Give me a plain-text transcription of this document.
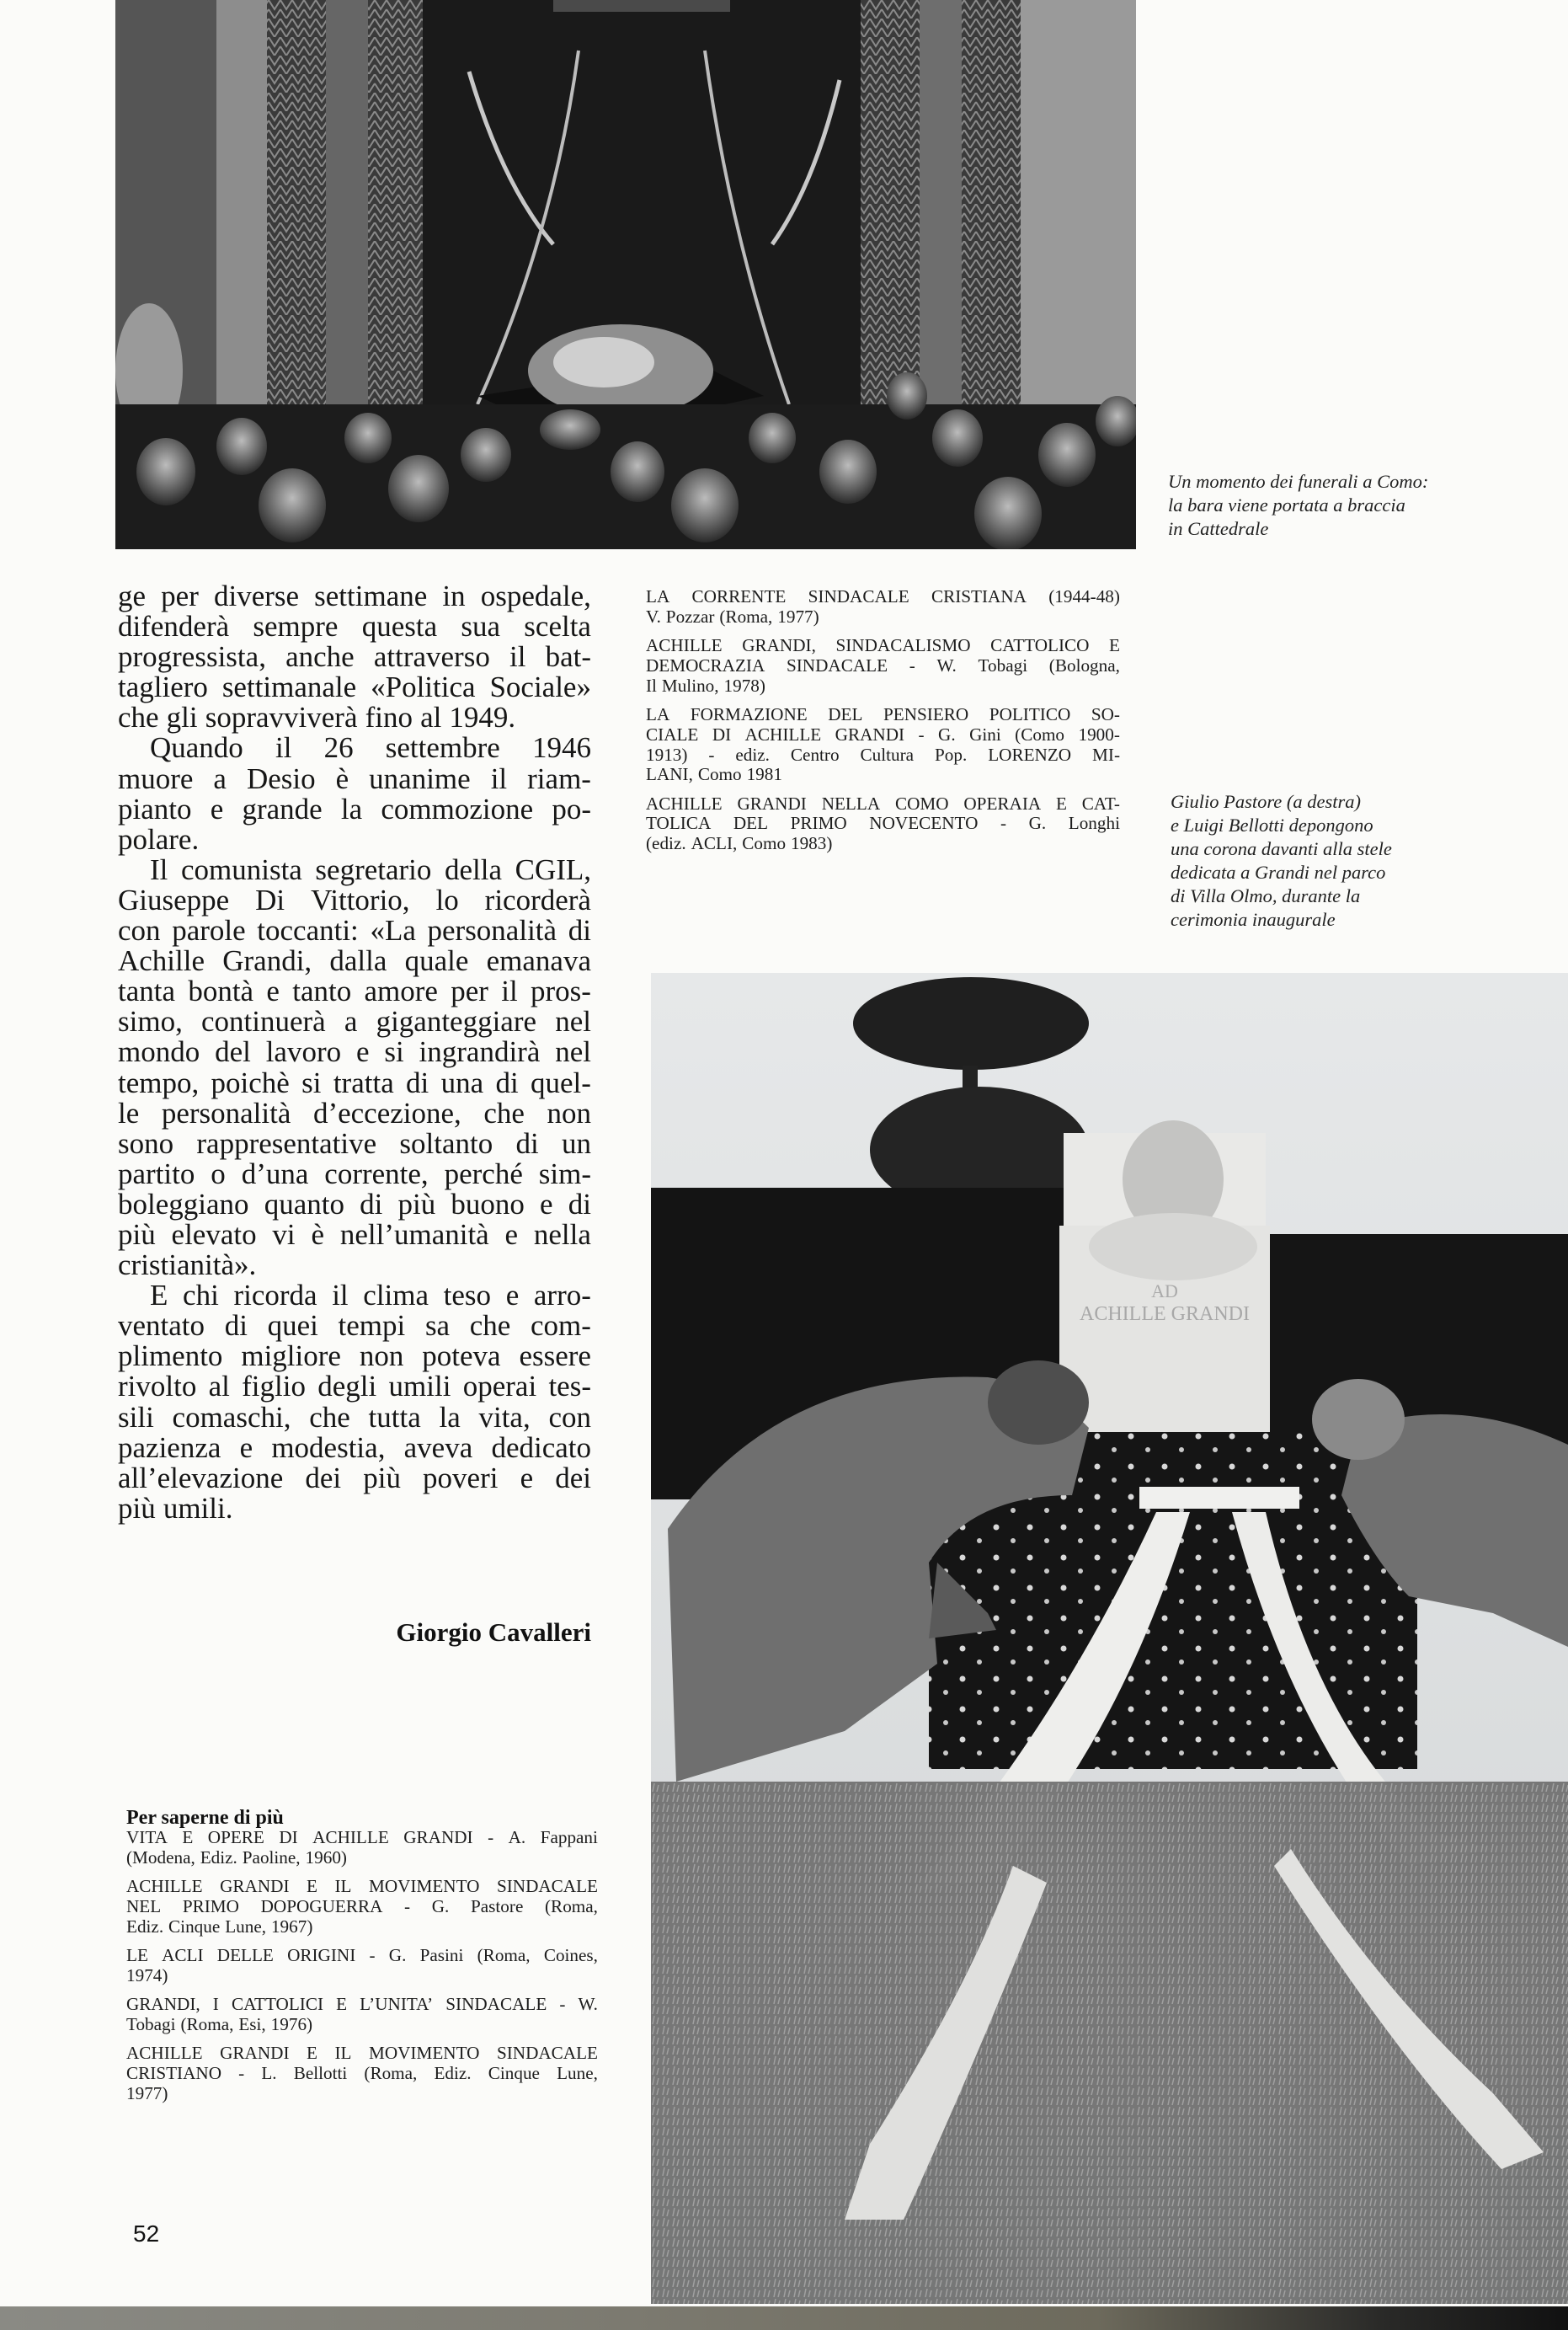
Un momento dei funerali a Como:
la bara viene portata a braccia
in Cattedrale
ge per diverse settimane in ospedale,
difenderà sempre questa sua scelta
progressista, anche attraverso il bat-
tagliero settimanale «Politica Sociale»
che gli sopravviverà fino al 1949.
Quando il 26 settembre 1946
muore a Desio è unanime il riam-
pianto e grande la commozione po-
polare.
Il comunista segretario della CGIL,
Giuseppe Di Vittorio, lo ricorderà
con parole toccanti: «La personalità di
Achille Grandi, dalla quale emanava
tanta bontà e tanto amore per il pros-
simo, continuerà a giganteggiare nel
mondo del lavoro e si ingrandirà nel
tempo, poichè si tratta di una di quel-
le personalità d’eccezione, che non
sono rappresentative soltanto di un
partito o d’una corrente, perché sim-
boleggiano quanto di più buono e di
più elevato vi è nell’umanità e nella
cristianità».
E chi ricorda il clima teso e arro-
ventato di quei tempi sa che com-
plimento migliore non poteva essere
rivolto al figlio degli umili operai tes-
sili comaschi, che tutta la vita, con
pazienza e modestia, aveva dedicato
all’elevazione dei più poveri e dei
più umili.
Giorgio Cavalleri
LA CORRENTE SINDACALE CRISTIANA (1944-48)
V. Pozzar (Roma, 1977)
ACHILLE GRANDI, SINDACALISMO CATTOLICO E
DEMOCRAZIA SINDACALE - W. Tobagi (Bologna,
Il Mulino, 1978)
LA FORMAZIONE DEL PENSIERO POLITICO SO-
CIALE DI ACHILLE GRANDI - G. Gini (Como 1900-
1913) - ediz. Centro Cultura Pop. LORENZO MI-
LANI, Como 1981
ACHILLE GRANDI NELLA COMO OPERAIA E CAT-
TOLICA DEL PRIMO NOVECENTO - G. Longhi
(ediz. ACLI, Como 1983)
Giulio Pastore (a destra)
e Luigi Bellotti depongono
una corona davanti alla stele
dedicata a Grandi nel parco
di Villa Olmo, durante la
cerimonia inaugurale
AD
ACHILLE GRANDI
Per saperne di più
VITA E OPERE DI ACHILLE GRANDI - A. Fappani
(Modena, Ediz. Paoline, 1960)
ACHILLE GRANDI E IL MOVIMENTO SINDACALE
NEL PRIMO DOPOGUERRA - G. Pastore (Roma,
Ediz. Cinque Lune, 1967)
LE ACLI DELLE ORIGINI - G. Pasini (Roma, Coines,
1974)
GRANDI, I CATTOLICI E L’UNITA’ SINDACALE - W.
Tobagi (Roma, Esi, 1976)
ACHILLE GRANDI E IL MOVIMENTO SINDACALE
CRISTIANO - L. Bellotti (Roma, Ediz. Cinque Lune,
1977)
52
